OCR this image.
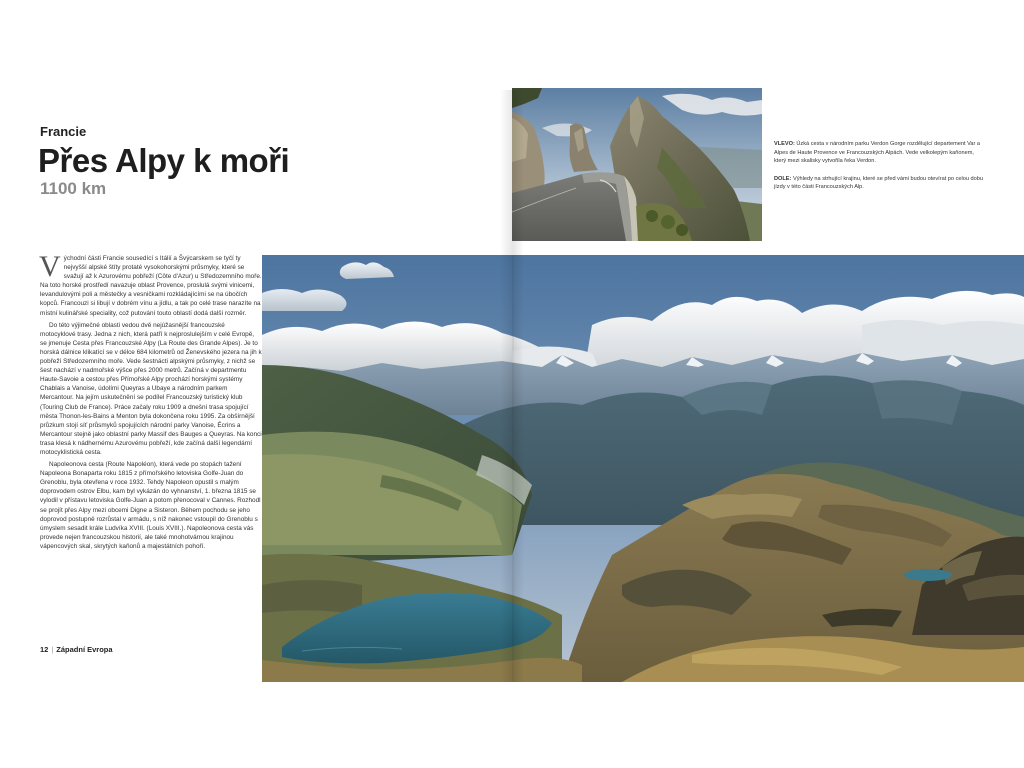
Francie
Přes Alpy k moři
1100 km

Východní části Francie sousedící s Itálií a Švýcarskem se tyčí ty nejvyšší alpské štíty protaté vysokohorskými průsmyky, které se svažují až k Azurovému pobřeží (Côte d'Azur) u Středozemního moře. Na toto horské prostředí navazuje oblast Provence, proslulá svými vinicemi, levandulovými poli a městečky a vesničkami rozkládajícími se na úbočích kopců. Francouzi si libují v dobrém vínu a jídlu, a tak po celé trase narazíte na místní kulinářské speciality, což putování touto oblastí dodá další rozměr.

Do této výjimečné oblasti vedou dvě nejúžasnější francouzské motocyklové trasy. Jedna z nich, která patří k nejproslulejším v celé Evropě, se jmenuje Cesta přes Francouzské Alpy (La Route des Grande Alpes). Je to horská dálnice klikatící se v délce 684 kilometrů od Ženevského jezera na jih k pobřeží Středozemního moře. Vede šestnácti alpskými průsmyky, z nichž se šest nachází v nadmořské výšce přes 2000 metrů. Začíná v departmentu Haute-Savoie a cestou přes Přímořské Alpy prochází horskými systémy Chablais a Vanoise, údolími Queyras a Ubaye a národním parkem Mercantour. Na jejím uskutečnění se podílel Francouzský turistický klub (Touring Club de France). Práce začaly roku 1909 a dnešní trasa spojující města Thonon-les-Bains a Menton byla dokončena roku 1995. Za obšírnější průzkum stojí síť průsmyků spojujících národní parky Vanoise, Écrins a Mercantour stejně jako oblastní parky Massif des Bauges a Queyras. Na konci trasa klesá k nádhernému Azurovému pobřeží, kde začíná další legendární motocyklistická cesta.

Napoleonova cesta (Route Napoléon), která vede po stopách tažení Napoleona Bonaparta roku 1815 z přímořského letoviska Golfe-Juan do Grenoblu, byla otevřena v roce 1932. Tehdy Napoleon opustil s malým doprovodem ostrov Elbu, kam byl vykázán do vyhnanství, 1. března 1815 se vylodil v přístavu letoviska Golfe-Juan a potom přenocoval v Cannes. Rozhodl se projít přes Alpy mezi obcemi Digne a Sisteron. Během pochodu se jeho doprovod postupně rozrůstal v armádu, s níž nakonec vstoupil do Grenoblu s úmyslem sesadit krále Ludvíka XVIII. (Louis XVIII.). Napoleonova cesta vás provede nejen francouzskou historií, ale také mnohotvárnou krajinou vápencových skal, skrytých kaňonů a majestátních pohoří.

12 | Západní Evropa

VLEVO: Úzká cesta v národním parku Verdon Gorge rozdělující departement Var a Alpes de Haute Provence ve Francouzských Alpách. Vede velkolepým kaňonem, který mezi skalisky vytvořila řeka Verdon.

DOLE: Výhledy na strhující krajinu, které se před vámi budou otevírat po celou dobu jízdy v této části Francouzských Alp.
